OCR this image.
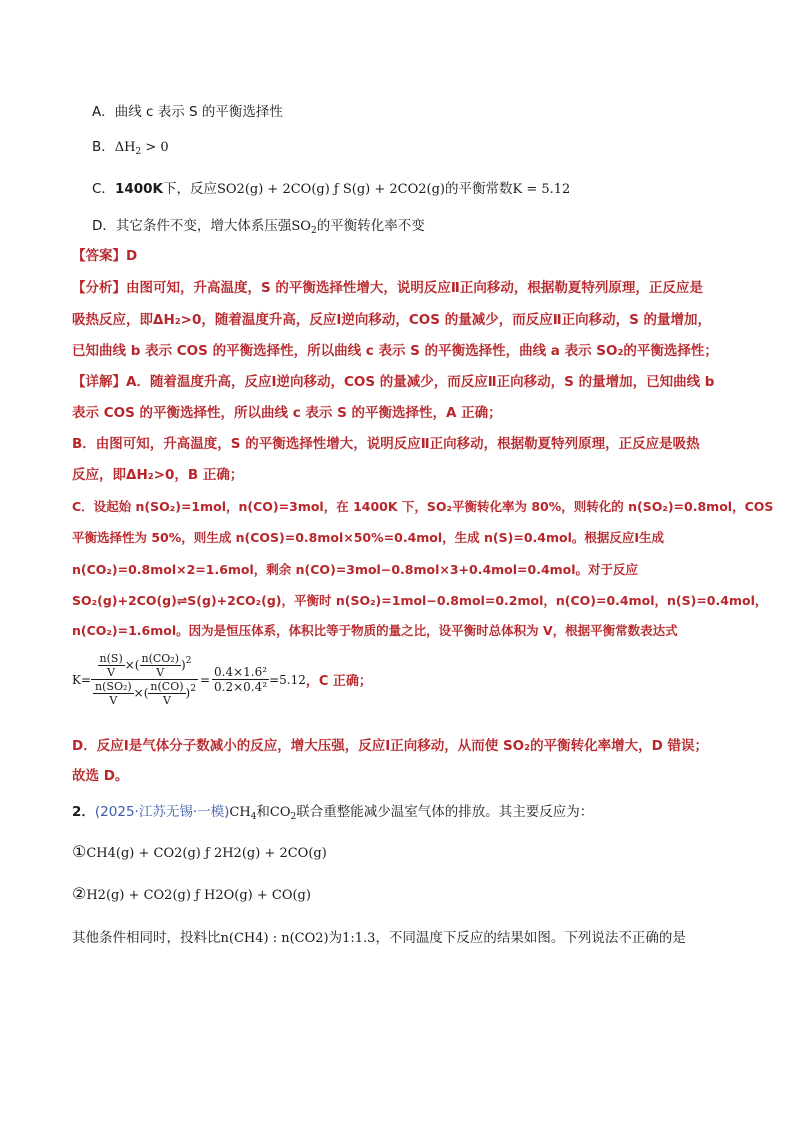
A．曲线 c 表示 S 的平衡选择性
B．$\Delta H_2 > 0$
C．1400K下，反应SO2(g) + 2CO(g) ƒ S(g) + 2CO2(g)的平衡常数K = 5.12
D．其它条件不变，增大体系压强$SO_2$的平衡转化率不变
【答案】D
【分析】由图可知，升高温度，S 的平衡选择性增大，说明反应Ⅱ正向移动，根据勒夏特列原理，正反应是
吸热反应，即ΔH₂>0，随着温度升高，反应Ⅰ逆向移动，COS 的量减少，而反应Ⅱ正向移动，S 的量增加，
已知曲线 b 表示 COS 的平衡选择性，所以曲线 c 表示 S 的平衡选择性，曲线 a 表示 SO₂的平衡选择性；
【详解】A．随着温度升高，反应Ⅰ逆向移动，COS 的量减少，而反应Ⅱ正向移动，S 的量增加，已知曲线 b
表示 COS 的平衡选择性，所以曲线 c 表示 S 的平衡选择性，A 正确；
B．由图可知，升高温度，S 的平衡选择性增大，说明反应Ⅱ正向移动，根据勒夏特列原理，正反应是吸热
反应，即ΔH₂>0，B 正确；
C．设起始 n(SO₂)=1mol，n(CO)=3mol，在 1400K 下，SO₂平衡转化率为 80%，则转化的 n(SO₂)=0.8mol，COS
平衡选择性为 50%，则生成 n(COS)=0.8mol×50%=0.4mol，生成 n(S)=0.4mol。根据反应Ⅰ生成
n(CO₂)=0.8mol×2=1.6mol，剩余 n(CO)=3mol−0.8mol×3+0.4mol=0.4mol。对于反应
SO₂(g)+2CO(g)⇌S(g)+2CO₂(g)，平衡时 n(SO₂)=1mol−0.8mol=0.2mol，n(CO)=0.4mol，n(S)=0.4mol，
n(CO₂)=1.6mol。因为是恒压体系，体积比等于物质的量之比，设平衡时总体积为 V，根据平衡常数表达式
$K= \frac{\frac{n(S)}{V} \times( \frac{\text{n(CO₂)}}{V} )^2}{\frac{\text{n(SO₂)}}{V} \times( \frac{n(CO)}{V} )^2} = \frac{\text{0.4×1.6²}}{\text{0.2×0.4²}} =5.12$ ，C 正确；
D．反应Ⅰ是气体分子数减小的反应，增大压强，反应Ⅰ正向移动，从而使 SO₂的平衡转化率增大，D 错误；
故选 D。
2．(2025·江苏无锡·一模)$CH_4$和$CO_2$联合重整能减少温室气体的排放。其主要反应为：
①CH4(g) + CO2(g) ƒ 2H2(g) + 2CO(g)
②H2(g) + CO2(g) ƒ H2O(g) + CO(g)
其他条件相同时，投料比n(CH4) : n(CO2)为1:1.3，不同温度下反应的结果如图。下列说法不正确的是
